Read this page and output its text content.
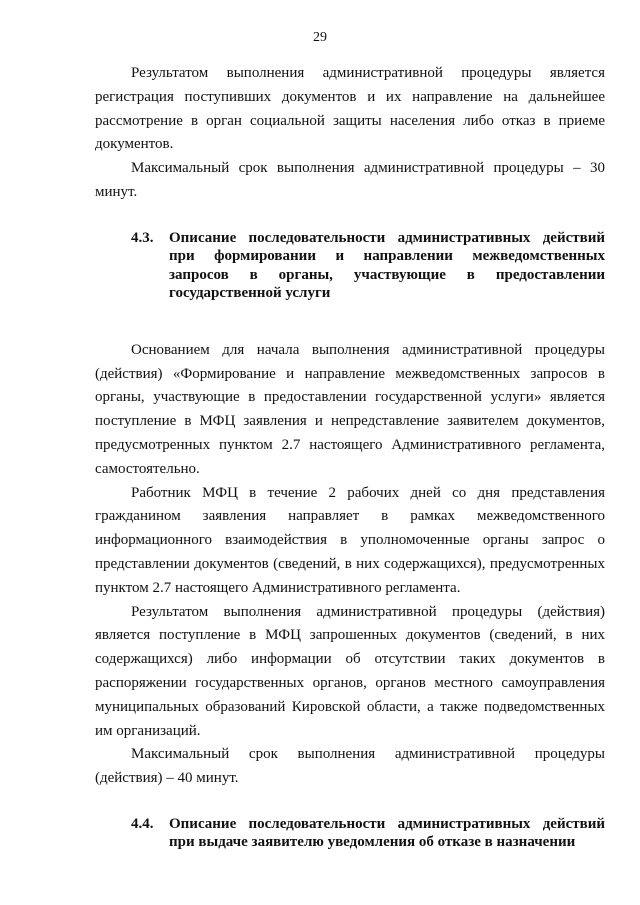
29

Результатом выполнения административной процедуры является регистрация поступивших документов и их направление на дальнейшее рассмотрение в орган социальной защиты населения либо отказ в приеме документов.

Максимальный срок выполнения административной процедуры – 30 минут.

4.3.	Описание последовательности административных действий при формировании и направлении межведомственных запросов в органы, участвующие в предоставлении государственной услуги

Основанием для начала выполнения административной процедуры (действия) «Формирование и направление межведомственных запросов в органы, участвующие в предоставлении государственной услуги» является поступление в МФЦ заявления и непредставление заявителем документов, предусмотренных пунктом 2.7 настоящего Административного регламента, самостоятельно.

Работник МФЦ в течение 2 рабочих дней со дня представления гражданином заявления направляет в рамках межведомственного информационного взаимодействия в уполномоченные органы запрос о представлении документов (сведений, в них содержащихся), предусмотренных пунктом 2.7 настоящего Административного регламента.

Результатом выполнения административной процедуры (действия) является поступление в МФЦ запрошенных документов (сведений, в них содержащихся) либо информации об отсутствии таких документов в распоряжении государственных органов, органов местного самоуправления муниципальных образований Кировской области, а также подведомственных им организаций.

Максимальный срок выполнения административной процедуры (действия) – 40 минут.

4.4.	Описание последовательности административных действий при выдаче заявителю уведомления об отказе в назначении
